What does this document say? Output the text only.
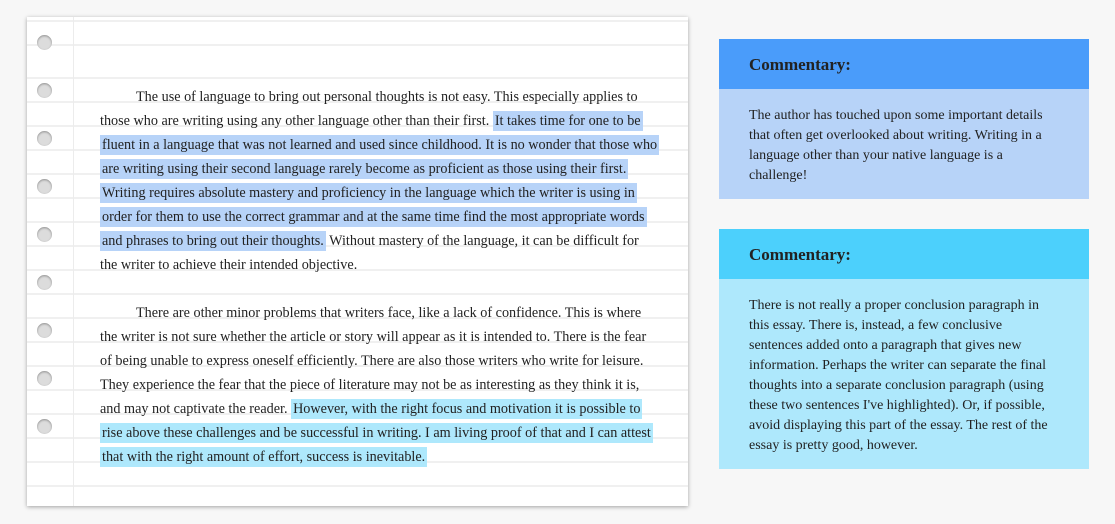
The use of language to bring out personal thoughts is not easy. This especially applies to those who are writing using any other language other than their first. It takes time for one to be fluent in a language that was not learned and used since childhood. It is no wonder that those who are writing using their second language rarely become as proficient as those using their first. Writing requires absolute mastery and proficiency in the language which the writer is using in order for them to use the correct grammar and at the same time find the most appropriate words and phrases to bring out their thoughts. Without mastery of the language, it can be difficult for the writer to achieve their intended objective.

There are other minor problems that writers face, like a lack of confidence. This is where the writer is not sure whether the article or story will appear as it is intended to. There is the fear of being unable to express oneself efficiently. There are also those writers who write for leisure. They experience the fear that the piece of literature may not be as interesting as they think it is, and may not captivate the reader. However, with the right focus and motivation it is possible to rise above these challenges and be successful in writing. I am living proof of that and I can attest that with the right amount of effort, success is inevitable.

Commentary:
The author has touched upon some important details that often get overlooked about writing. Writing in a language other than your native language is a challenge!
Commentary:
There is not really a proper conclusion paragraph in this essay. There is, instead, a few conclusive sentences added onto a paragraph that gives new information. Perhaps the writer can separate the final thoughts into a separate conclusion paragraph (using these two sentences I've highlighted). Or, if possible, avoid displaying this part of the essay. The rest of the essay is pretty good, however.
